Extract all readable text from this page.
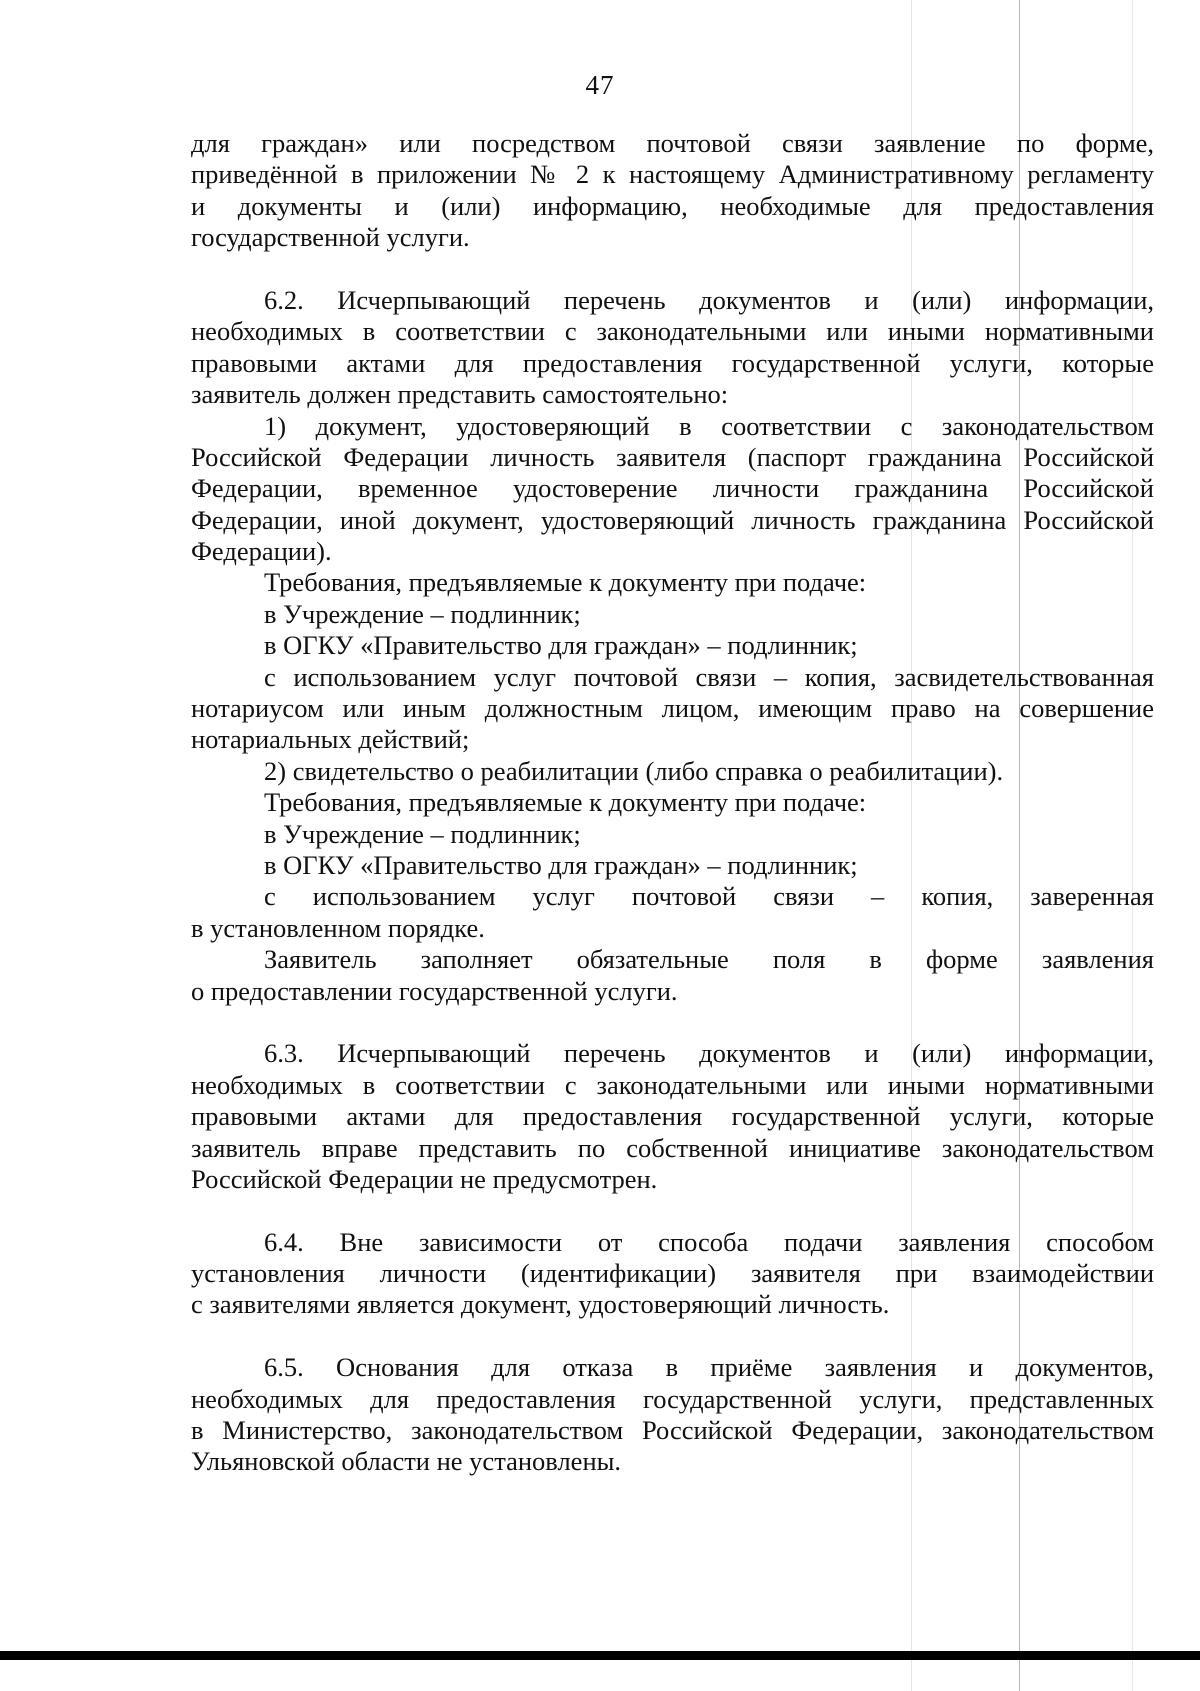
47
для граждан» или посредством почтовой связи заявление по форме,
приведённой в приложении № 2 к настоящему Административному регламенту
и документы и (или) информацию, необходимые для предоставления
государственной услуги.
6.2. Исчерпывающий перечень документов и (или) информации,
необходимых в соответствии с законодательными или иными нормативными
правовыми актами для предоставления государственной услуги, которые
заявитель должен представить самостоятельно:
1) документ, удостоверяющий в соответствии с законодательством
Российской Федерации личность заявителя (паспорт гражданина Российской
Федерации, временное удостоверение личности гражданина Российской
Федерации, иной документ, удостоверяющий личность гражданина Российской
Федерации).
Требования, предъявляемые к документу при подаче:
в Учреждение – подлинник;
в ОГКУ «Правительство для граждан» – подлинник;
с использованием услуг почтовой связи – копия, засвидетельствованная
нотариусом или иным должностным лицом, имеющим право на совершение
нотариальных действий;
2) свидетельство о реабилитации (либо справка о реабилитации).
Требования, предъявляемые к документу при подаче:
в Учреждение – подлинник;
в ОГКУ «Правительство для граждан» – подлинник;
с использованием услуг почтовой связи – копия, заверенная
в установленном порядке.
Заявитель заполняет обязательные поля в форме заявления
о предоставлении государственной услуги.
6.3. Исчерпывающий перечень документов и (или) информации,
необходимых в соответствии с законодательными или иными нормативными
правовыми актами для предоставления государственной услуги, которые
заявитель вправе представить по собственной инициативе законодательством
Российской Федерации не предусмотрен.
6.4. Вне зависимости от способа подачи заявления способом
установления личности (идентификации) заявителя при взаимодействии
с заявителями является документ, удостоверяющий личность.
6.5. Основания для отказа в приёме заявления и документов,
необходимых для предоставления государственной услуги, представленных
в Министерство, законодательством Российской Федерации, законодательством
Ульяновской области не установлены.
